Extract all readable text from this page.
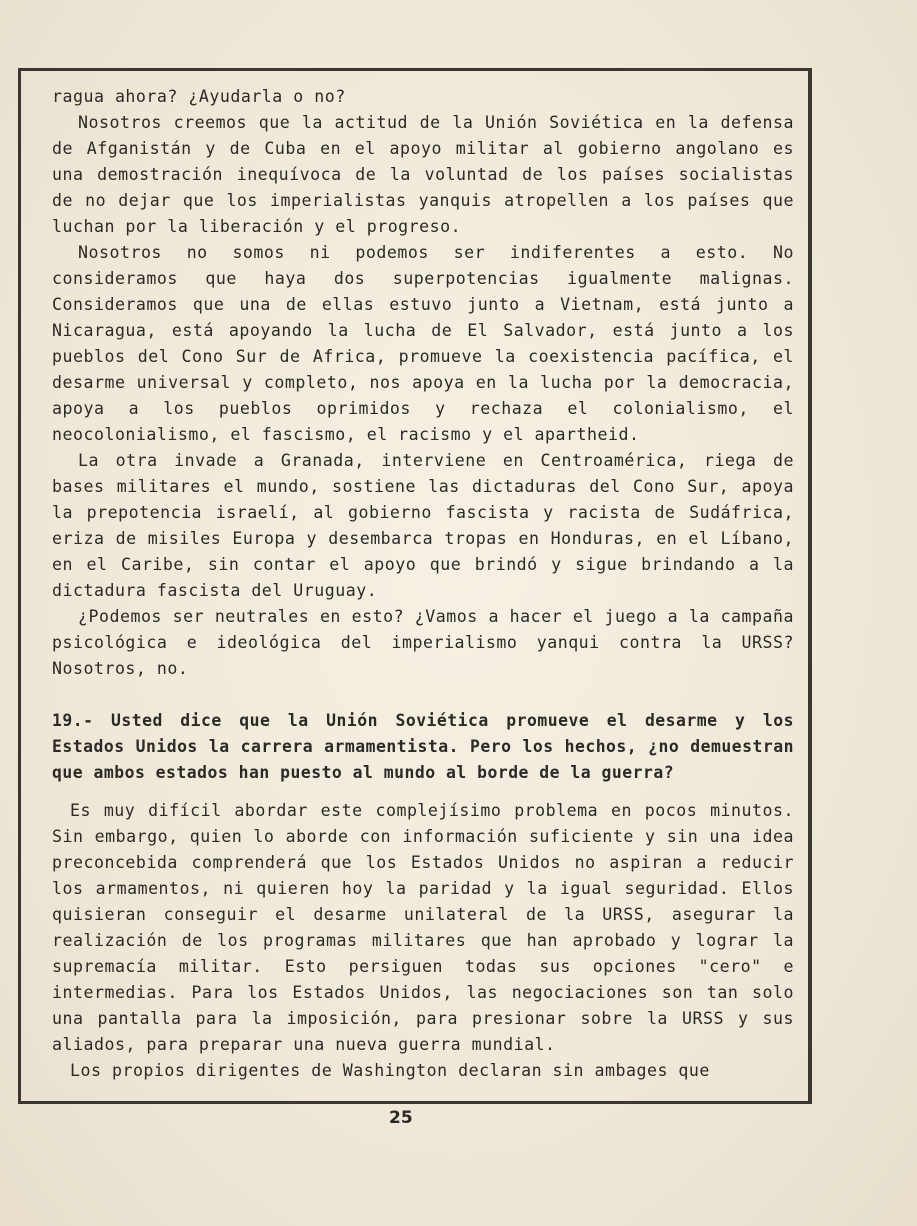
ragua ahora? ¿Ayudarla o no?

Nosotros creemos que la actitud de la Unión Soviética en la defensa de Afganistán y de Cuba en el apoyo militar al gobierno angolano es una demostración inequívoca de la voluntad de los países socialistas de no dejar que los imperialistas yanquis atropellen a los países que luchan por la liberación y el progreso.

Nosotros no somos ni podemos ser indiferentes a esto. No consideramos que haya dos superpotencias igualmente malignas. Consideramos que una de ellas estuvo junto a Vietnam, está junto a Nicaragua, está apoyando la lucha de El Salvador, está junto a los pueblos del Cono Sur de Africa, promueve la coexistencia pacífica, el desarme universal y completo, nos apoya en la lucha por la democracia, apoya a los pueblos oprimidos y rechaza el colonialismo, el neocolonialismo, el fascismo, el racismo y el apartheid.

La otra invade a Granada, interviene en Centroamérica, riega de bases militares el mundo, sostiene las dictaduras del Cono Sur, apoya la prepotencia israelí, al gobierno fascista y racista de Sudáfrica, eriza de misiles Europa y desembarca tropas en Honduras, en el Líbano, en el Caribe, sin contar el apoyo que brindó y sigue brindando a la dictadura fascista del Uruguay.

¿Podemos ser neutrales en esto? ¿Vamos a hacer el juego a la campaña psicológica e ideológica del imperialismo yanqui contra la URSS? Nosotros, no.

19.- Usted dice que la Unión Soviética promueve el desarme y los Estados Unidos la carrera armamentista. Pero los hechos, ¿no demuestran que ambos estados han puesto al mundo al borde de la guerra?

Es muy difícil abordar este complejísimo problema en pocos minutos. Sin embargo, quien lo aborde con información suficiente y sin una idea preconcebida comprenderá que los Estados Unidos no aspiran a reducir los armamentos, ni quieren hoy la paridad y la igual seguridad. Ellos quisieran conseguir el desarme unilateral de la URSS, asegurar la realización de los programas militares que han aprobado y lograr la supremacía militar. Esto persiguen todas sus opciones "cero" e intermedias. Para los Estados Unidos, las negociaciones son tan solo una pantalla para la imposición, para presionar sobre la URSS y sus aliados, para preparar una nueva guerra mundial.

Los propios dirigentes de Washington declaran sin ambages que

25
